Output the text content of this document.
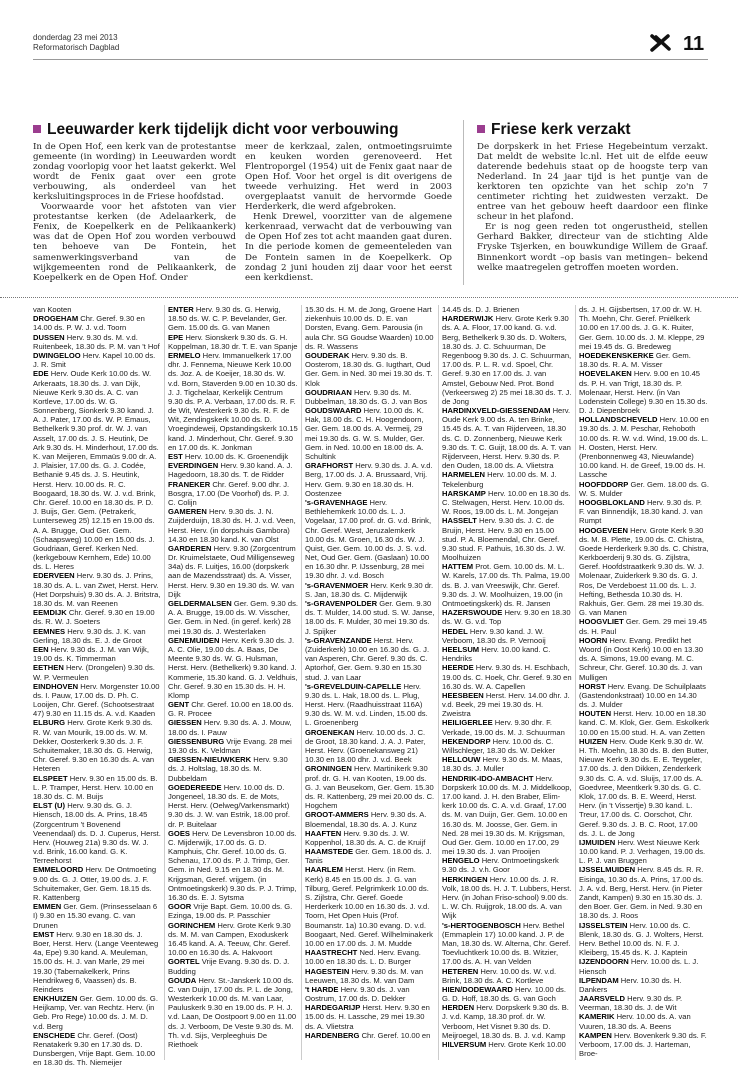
donderdag 23 mei 2013
Reformatorisch Dagblad	11
Leeuwarder kerk tijdelijk dicht voor verbouwing

In de Open Hof, een kerk van de protestantse gemeente (in wording) in Leeuwarden wordt zondag voorlopig voor het laatst gekerkt. Wel wordt de Fenix gaat over een grote verbouwing, als onderdeel van het kerksluitingsproces in de Friese hoofdstad.

Voorwaarde voor het afstoten van vier protestantse kerken (de Adelaarkerk, de Fenix, de Koepelkerk en de Pelikaankerk) was dat de Open Hof zou worden verbouwd ten behoeve van De Fontein, het samenwerkingsverband van de wijkgemeenten rond de Pelikaankerk, de Koepelkerk en de Open Hof. Onder

meer de kerkzaal, zalen, ontmoetingsruimte en keuken worden gerenoveerd. Het Flentroporgel (1954) uit de Fenix gaat naar de Open Hof. Voor het orgel is dit overigens de tweede verhuizing. Het werd in 2003 overgeplaatst vanuit de hervormde Goede Herderkerk, die werd afgebroken.

Henk Drewel, voorzitter van de algemene kerkenraad, verwacht dat de verbouwing van de Open Hof zes tot acht maanden gaat duren. In die periode komen de gemeenteleden van De Fontein samen in de Koepelkerk. Op zondag 2 juni houden zij daar voor het eerst een kerkdienst.

Friese kerk verzakt

De dorpskerk in het Friese Hegebeintum verzakt. Dat meldt de website lc.nl. Het uit de elfde eeuw daterende bedehuis staat op de hoogste terp van Nederland. In 24 jaar tijd is het puntje van de kerktoren ten opzichte van het schip zo'n 7 centimeter richting het zuidwesten verzakt. De entree van het gebouw heeft daardoor een flinke scheur in het plafond.

Er is nog geen reden tot ongerustheid, stellen Gerhard Bakker, directeur van de stichting Alde Fryske Tsjerken, en bouwkundige Willem de Graaf. Binnenkort wordt –op basis van metingen– bekend welke maatregelen getroffen moeten worden.

van Kooten

DROGEHAM Chr. Geref. 9.30 en 14.00 ds. P. W. J. v.d. Toorn

DUSSEN Herv. 9.30 ds. M. v.d. Ruitenbeek, 18.30 ds. P. M. van 't Hof

DWINGELOO Herv. Kapel 10.00 ds. J. R. Smit

EDE Herv. Oude Kerk 10.00 ds. W. Arkeraats, 18.30 ds. J. van Dijk, Nieuwe Kerk 9.30 ds. A. C. van Kortleve, 17.00 ds. W. G. Sonnenberg, Sionkerk 9.30 kand. J. A. J. Pater, 17.00 ds. W. P. Emaus, Bethelkerk 9.30 prof. dr. W. J. van Asselt, 17.00 ds. J. S. Heutink, De Ark 9.30 ds. H. Minderhout, 17.00 ds. K. van Meijeren, Emmaüs 9.00 dr. A. J. Plaisier, 17.00 ds. G. J. Codée, Bethanië 9.45 ds. J. S. Heutink, Herst. Herv. 10.00 ds. R. C. Boogaard, 18.30 ds. W. J. v.d. Brink, Chr. Geref. 10.00 en 18.30 ds. P. D. J. Buijs, Ger. Gem. (Petrakerk, Lunterseweg 25) 12.15 en 19.00 ds. A. A. Brugge, Oud Ger. Gem. (Schaapsweg) 10.00 en 15.00 ds. J. Goudriaan, Geref. Kerken Ned. (kerkgebouw Kernhem, Ede) 10.00 ds. L. Heres

EDERVEEN Herv. 9.30 ds. J. Prins, 18.30 ds. A. L. van Zwet, Herst. Herv. (Het Dorpshuis) 9.30 ds. A. J. Britstra, 18.30 ds. M. van Reenen

EEMDIJK Chr. Geref. 9.30 en 19.00 ds. R. W. J. Soeters

EEMNES Herv. 9.30 ds. J. K. van Gerling, 18.30 ds. E. J. de Groot

EEN Herv. 9.30 ds. J. M. van Wijk, 19.00 ds. K. Timmerman

EETHEN Herv. (Drongelen) 9.30 ds. W. P. Vermeulen

EINDHOVEN Herv. Morgenster 10.00 ds. I. Pauw, 17.00 ds. D. Ph. C. Looijen, Chr. Geref. (Schootsestraat 47) 9.30 en 11.15 ds. A. v.d. Kaaden

ELBURG Herv. Grote Kerk 9.30 ds. R. W. van Mourik, 19.00 ds. W. M. Dekker, Oosterkerk 9.30 ds. J. F. Schuitemaker, 18.30 ds. G. Herwig, Chr. Geref. 9.30 en 16.30 ds. A. van Heteren

ELSPEET Herv. 9.30 en 15.00 ds. B. L. P. Tramper, Herst. Herv. 10.00 en 18.30 ds. C. M. Buijs

ELST (U) Herv. 9.30 ds. G. J. Hiensch, 18.00 ds. A. Prins, 18.45 (Zorgcentrum 't Bovenend Veenendaal) ds. D. J. Cuperus, Herst. Herv. (Houweg 21a) 9.30 ds. W. J. v.d. Brink, 16.00 kand. G. K. Terreehorst

EMMELOORD Herv. De Ontmoeting 9.00 ds. G. J. Otter, 19.00 ds. J. F. Schuitemaker, Ger. Gem. 18.15 ds. R. Kattenberg

EMMEN Ger. Gem. (Prinsesselaan 6 I) 9.30 en 15.30 evang. C. van Drunen

EMST Herv. 9.30 en 18.30 ds. J. Boer, Herst. Herv. (Lange Veenteweg 4a, Epe) 9.30 kand. A. Meuleman, 15.00 ds. H. J. van Marle, 29 mei 19.30 (Tabernakelkerk, Prins Hendrikweg 6, Vaassen) ds. B. Reinders

ENKHUIZEN Ger. Gem. 10.00 ds. G. Heijkamp, Ver. van Rechtz. Herv. (in Geb. Pro Rege) 10.00 ds. J. M. D. v.d. Berg

ENSCHEDE Chr. Geref. (Oost) Renatakerk 9.30 en 17.30 ds. D. Dunsbergen, Vrije Bapt. Gem. 10.00 en 18.30 ds. Th. Niemeijer

ENTER Herv. 9.30 ds. G. Herwig, 18.50 ds. W. C. P. Bevelander, Ger. Gem. 15.00 ds. G. van Manen

EPE Herv. Sionskerk 9.30 ds. G. H. Koppelman, 18.30 dr. T. E. van Spanje

ERMELO Herv. Immanuelkerk 17.00 dhr. J. Fennema, Nieuwe Kerk 10.00 ds. Joz. A. de Koeijer, 18.30 ds. W. v.d. Born, Staverden 9.00 en 10.30 ds. J. J. Tigchelaar, Kerkelijk Centrum 9.30 ds. P. A. Verbaan, 17.00 ds. R. F. de Wit, Westerkerk 9.30 ds. R. F. de Wit, Zendingskerk 10.00 ds. D. Vroegindeweij, Opstandingskerk 10.15 kand. J. Minderhout, Chr. Geref. 9.30 en 17.00 ds. K. Jonkman

EST Herv. 10.00 ds. K. Groenendijk

EVERDINGEN Herv. 9.30 kand. A. J. Hagedoorn, 18.30 ds. T. de Ridder

FRANEKER Chr. Geref. 9.00 dhr. J. Bosgra, 17.00 (De Voorhof) ds. P. J. C. Colijn

GAMEREN Herv. 9.30 ds. J. N. Zuijderduijn, 18.30 ds. H. J. v.d. Veen, Herst. Herv. (in dorpshuis Gambora) 14.30 en 18.30 kand. K. van Olst

GARDEREN Herv. 9.30 (Zorgcentrum Dr. Kruimelstaete, Oud Milligenseweg 34a) ds. F. Luitjes, 16.00 (dorpskerk aan de Mazendsstraat) ds. A. Visser, Herst. Herv. 9.30 en 19.30 ds. W. van Dijk

GELDERMALSEN Ger. Gem. 9.30 ds. A. A. Brugge, 19.00 ds. W. Visscher, Ger. Gem. in Ned. (in geref. kerk) 28 mei 19.30 ds. J. Westerlaken

GENEMUIDEN Herv. Kerk 9.30 ds. J. A. C. Olie, 19.00 ds. A. Baas, De Meente 9.30 ds. W. G. Hulsman, Herst. Herv. (Bethelkerk) 9.30 kand. J. Kommerie, 15.30 kand. G. J. Veldhuis, Chr. Geref. 9.30 en 15.30 ds. H. H. Klomp

GENT Chr. Geref. 10.00 en 18.00 ds. G. R. Procee

GIESSEN Herv. 9.30 ds. A. J. Mouw, 18.00 ds. I. Pauw

GIESSENBURG Vrije Evang. 28 mei 19.30 ds. K. Veldman

GIESSEN-NIEUWKERK Herv. 9.30 ds. J. Holtslag, 18.30 ds. M. Dubbeldam

GOEDEREEDE Herv. 10.00 ds. D. Jongeneel, 18.30 ds. E. de Mots, Herst. Herv. (Oelweg/Varkensmarkt) 9.30 ds. J. W. van Estrik, 18.00 prof. dr. P. Buitelaar

GOES Herv. De Levensbron 10.00 ds. C. Mijderwijk, 17.00 ds. G. D. Kamphuis, Chr. Geref. 10.00 ds. G. Schenau, 17.00 ds. P. J. Trimp, Ger. Gem. in Ned. 9.15 en 18.30 ds. M. Krijgsman, Geref. vrijgem. (in Ontmoetingskerk) 9.30 ds. P. J. Trimp, 16.30 ds. E. J. Sytsma

GOOR Vrije Bapt. Gem. 10.00 ds. G. Ezinga, 19.00 ds. P. Passchier

GORINCHEM Herv. Grote Kerk 9.30 ds. M. M. van Campen, Exoduskerk 16.45 kand. A. A. Teeuw, Chr. Geref. 10.00 en 16.30 ds. A. Hakvoort

GORTEL Vrije Evang. 9.30 ds. D. J. Budding

GOUDA Herv. St.-Janskerk 10.00 ds. C. van Duijn, 17.00 ds. P. L. de Jong, Westerkerk 10.00 ds. M. van Laar, Pauluskerk 9.30 en 19.00 ds. P. H. J. v.d. Laan, De Oostpoort 9.00 en 11.00 ds. J. Verboom, De Veste 9.30 ds. M. Th. v.d. Sijs, Verpleeghuis De Riethoek

15.30 ds. H. M. de Jong, Groene Hart ziekenhuis 10.00 ds. D. E. van Dorsten, Evang. Gem. Parousia (in aula Chr. SG Goudse Waarden) 10.00 ds. R. Wassens

GOUDERAK Herv. 9.30 ds. B. Oosterom, 18.30 ds. G. Iugthart, Oud Ger. Gem. in Ned. 30 mei 19.30 ds. T. Klok

GOUDRIAAN Herv. 9.30 ds. M. Dubbelman, 18.30 ds. G. J. van Bos

GOUDSWAARD Herv. 10.00 ds. K. Hak, 18.00 ds. C. H. Hoogendoorn, Ger. Gem. 18.00 ds. A. Vermeij, 29 mei 19.30 ds. G. W. S. Mulder, Ger. Gem. in Ned. 10.00 en 18.00 ds. A. Schultink

GRAFHORST Herv. 9.30 ds. J. A. v.d. Berg, 17.00 ds. J. A. Brussaard, Vrij. Herv. Gem. 9.30 en 18.30 ds. H. Oostenzee

's-GRAVENHAGE Herv. Bethlehemkerk 10.00 ds. L. J. Vogelaar, 17.00 prof. dr. G. v.d. Brink, Chr. Geref. West, Jeruzalemkerk 10.00 ds. M. Groen, 16.30 ds. W. J. Quist, Ger. Gem. 10.00 ds. J. S. v.d. Net, Oud Ger. Gem. (Gaslaan) 10.00 en 16.30 dhr. P. IJssenburg, 28 mei 19.30 dhr. J. v.d. Bosch

's-GRAVENMOER Herv. Kerk 9.30 dr. S. Jan, 18.30 ds. C. Mijderwijk

's-GRAVENPOLDER Ger. Gem. 9.30 ds. T. Mulder, 14.00 stud. S. W. Janse, 18.00 ds. F. Mulder, 30 mei 19.30 ds. J. Spijker

's-GRAVENZANDE Herst. Herv. (Zuiderkerk) 10.00 en 16.30 ds. G. J. van Asperen, Chr. Geref. 9.30 ds. C. Aptorhof, Ger. Gem. 9.30 en 15.30 stud. J. van Laar

's-GREVELDUIN-CAPELLE Herv. 9.30 ds. L. Hak, 18.00 ds. L. Plug, Herst. Herv. (Raadhuisstraat 116A) 9.30 ds. W. M. v.d. Linden, 15.00 ds. L. Groenenberg

GROENEKAN Herv. 10.00 ds. J. C. de Groot, 18.30 kand. J. A. J. Pater, Herst. Herv. (Groenekansweg 21) 10.30 en 18.00 dhr. J. v.d. Beek

GRONINGEN Herv. Martinikerk 9.30 prof. dr. G. H. van Kooten, 19.00 ds. G. J. van Beusekom, Ger. Gem. 15.30 ds. R. Kattenberg, 29 mei 20.00 ds. C. Hogchem

GROOT-AMMERS Herv. 9.30 ds. A. Bloemendal, 18.30 ds. A. J. Kunz

HAAFTEN Herv. 9.30 ds. J. W. Koppenhol, 18.30 ds. A. C. de Kruijf

HAAMSTEDE Ger. Gem. 18.00 ds. J. Tanis

HAARLEM Herst. Herv. (in Rem. Kerk) 8.45 en 15.00 ds. J. G. van Tilburg, Geref. Pelgrimkerk 10.00 ds. S. Zijlstra, Chr. Geref. Goede Herderkerk 10.00 en 16.30 ds. J. v.d. Toorn, Het Open Huis (Prof. Boumanstr. 1a) 10.30 evang. D. v.d. Boogaart, Ned. Geref. Wilhelminakerk 10.00 en 17.00 ds. J. M. Mudde

HAASTRECHT Ned. Herv. Evang. 10.00 en 18.30 ds. L. D. Burger

HAGESTEIN Herv. 9.30 ds. M. van Leeuwen, 18.30 ds. M. van Dam

't HARDE Herv. 9.30 ds. J. van Oostrum, 17.00 ds. D. Dekker

HARDEGARIJP Herst. Herv. 9.30 en 15.00 ds. H. Lassche, 29 mei 19.30 ds. A. Vlietstra

HARDENBERG Chr. Geref. 10.00 en

14.45 ds. D. J. Brienen

HARDERWIJK Herv. Grote Kerk 9.30 ds. A. A. Floor, 17.00 kand. G. v.d. Berg, Bethelkerk 9.30 ds. D. Wolters, 18.30 ds. J. C. Schuurman, De Regenboog 9.30 ds. J. C. Schuurman, 17.00 ds. P. L. R. v.d. Spoel, Chr. Geref. 9.30 en 17.00 ds. J. van Amstel, Gebouw Ned. Prot. Bond (Verkeersweg 2) 25 mei 18.30 ds. T. J. de Jong

HARDINXVELD-GIESSENDAM Herv. Oude Kerk 9.00 ds. A. ten Brinke, 15.45 ds. A. T. van Rijderveen, 18.30 ds. C. D. Zonnenberg, Nieuwe Kerk 9.30 ds. T. C. Guijt, 18.00 ds. A. T. van Rijderveen, Herst. Herv. 9.30 ds. P. den Ouden, 18.00 ds. A. Vlietstra

HARMELEN Herv. 10.00 ds. M. J. Tekelenburg

HARSKAMP Herv. 10.00 en 18.30 ds. C. Stelwagen, Herst. Herv. 10.00 ds. W. Roos, 19.00 ds. L. M. Jongejan

HASSELT Herv. 9.30 ds. J. C. de Bruijn, Herst. Herv. 9.30 en 15.00 stud. P. A. Bloemendal, Chr. Geref. 9.30 stud. F. Pathuis, 16.30 ds. J. W. Moolhuizen

HATTEM Prot. Gem. 10.00 ds. M. L. W. Karels, 17.00 ds. Th. Palma, 19.00 ds. B. J. van Vreeswijk, Chr. Geref. 9.30 ds. J. W. Moolhuizen, 19.00 (in Ontmoetingskerk) ds. R. Jansen

HAZERSWOUDE Herv. 9.30 en 18.30 ds. W. G. v.d. Top

HEDEL Herv. 9.30 kand. J. W. Verboom, 18.30 ds. P. Vernooij

HEELSUM Herv. 10.00 kand. C. Hendriks

HEERDE Herv. 9.30 ds. H. Eschbach, 19.00 ds. C. Hoek, Chr. Geref. 9.30 en 16.30 ds. W. A. Capellen

HEESBEEN Herst. Herv. 14.00 dhr. J. v.d. Beek, 29 mei 19.30 ds. H. Zweistra

HEILIGERLEE Herv. 9.30 dhr. F. Verkade, 19.00 ds. M. J. Schuurman

HEKENDORP Herv. 10.00 ds. C. Willschleger, 18.30 ds. W. Dekker

HELLOUW Herv. 9.30 ds. M. Maas, 18.30 ds. J. Muller

HENDRIK-IDO-AMBACHT Herv. Dorpskerk 10.00 ds. M. J. Middelkoop, 17.00 kand. J. H. den Braber, Elim-kerk 10.00 ds. C. A. v.d. Graaf, 17.00 ds. M. van Duijn, Ger. Gem. 10.00 en 16.30 ds. M. Joosse, Ger. Gem. in Ned. 28 mei 19.30 ds. M. Krijgsman, Oud Ger. Gem. 10.00 en 17.00, 29 mei 19.30 ds. J. van Prooijen

HENGELO Herv. Ontmoetingskerk 9.30 ds. J. v.h. Goor

HERKINGEN Herv. 10.00 ds. J. R. Volk, 18.00 ds. H. J. T. Lubbers, Herst. Herv. (in Johan Friso-school) 9.00 ds. L. W. Ch. Ruijgrok, 18.00 ds. A. van Wijk

's-HERTOGENBOSCH Herv. Bethel (Emmaplein 17) 10.00 kand. J. P. de Man, 18.30 ds. W. Alterna, Chr. Geref. Toevluchtkerk 10.00 ds. B. Witzier, 17.00 ds. A. H. van Velden

HETEREN Herv. 10.00 ds. W. v.d. Brink, 18.30 ds. A. C. Kortleve

HIEN/DODEWAARD Herv. 10.00 ds. G. D. Hoff, 18.30 ds. G. van Goch

HERDEN Herv. Dorpskerk 9.30 ds. B. J. v.d. Kamp, 18.30 prof. dr. W. Verboom, Het Visnet 9.30 ds. D. Meijroegel, 18.30 ds. B. J. v.d. Kamp

HILVERSUM Herv. Grote Kerk 10.00

ds. J. H. Gijsbertsen, 17.00 dr. W. H. Th. Moehn, Chr. Geref. Pniëlkerk 10.00 en 17.00 ds. J. G. K. Ruiter, Ger. Gem. 10.00 ds. J. M. Kleppe, 29 mei 19.45 ds. G. Bredeweg

HOEDEKENSKERKE Ger. Gem. 18.30 ds. R. A. M. Visser

HOEVELAKEN Herv. 9.00 en 10.45 ds. P. H. van Trigt, 18.30 ds. P. Molenaar, Herst. Herv. (in Van Lodenstein College) 9.30 en 15.30 ds. D. J. Diepenbroek

HOLLANDSCHEVELD Herv. 10.00 en 19.30 ds. J. M. Peschar, Rehoboth 10.00 ds. R. W. v.d. Wind, 19.00 ds. L. H. Oosten, Herst. Herv. (Prenbonnenweg 43, Nieuwlande) 10.00 kand. H. de Greef, 19.00 ds. H. Lassche

HOOFDDORP Ger. Gem. 18.00 ds. G. W. S. Mulder

HOOGBLOKLAND Herv. 9.30 ds. P. F. van Binnendijk, 18.30 kand. J. van Rumpt

HOOGEVEEN Herv. Grote Kerk 9.30 ds. M. B. Plette, 19.00 ds. C. Chistra, Goede Herderkerk 9.30 ds. C. Chistra, Kerkboerderij 9.30 ds. G. Zijlstra, Geref. Hoofdstraatkerk 9.30 ds. W. J. Molenaar, Zuiderkerk 9.30 ds. G. J. Ros, De Verdeboest 11.00 ds. L. J. Hefting, Bethesda 10.30 ds. H. Rakhuis, Ger. Gem. 28 mei 19.30 ds. G. van Manen

HOOGVLIET Ger. Gem. 29 mei 19.45 ds. H. Paul

HOORN Herv. Evang. Predikt het Woord (in Oost Kerk) 10.00 en 13.30 ds. A. Simons, 19.00 evang. M. C. Schreur, Chr. Geref. 10.30 ds. J. van Mulligen

HORST Herv. Evang. De Schuilplaats (Gastendonkstraat) 10.00 en 14.30 ds. J. Mulder

HOUTEN Herst. Herv. 10.00 en 18.30 kand. C. M. Klok, Ger. Gem. Eskolkerk 10.00 en 15.00 stud. H. A. van Zetten

HUIZEN Herv. Oude Kerk 9.30 dr. W. H. Th. Moehn, 18.30 ds. B. den Butter, Nieuwe Kerk 9.30 ds. E. E. Teygeler, 17.00 ds. J. den Dikken, Zenderkerk 9.30 ds. C. A. v.d. Sluijs, 17.00 ds. A. Goedvree, Meentkerk 9.30 ds. G. C. Klok, 17.00 ds. B. E. Weerd, Herst. Herv. (in 't Vissertje) 9.30 kand. L. Treur, 17.00 ds. C. Oorschot, Chr. Geref. 9.30 ds. J. B. C. Root, 17.00 ds. J. L. de Jong

IJMUIDEN Herv. West Nieuwe Kerk 10.00 kand. P. J. Verhagen, 19.00 ds. L. P. J. van Bruggen

IJSSELMUIDEN Herv. 8.45 ds. R. R. Eisinga, 10.30 ds. A. Prins, 17.00 ds. J. A. v.d. Berg, Herst. Herv. (in Pieter Zandt, Kampen) 9.30 en 15.30 ds. J. den Boer. Ger. Gem. in Ned. 9.30 en 18.30 ds. J. Roos

IJSSELSTEIN Herv. 10.00 ds. C. Blenk, 18.30 ds. G. J. Wolters, Herst. Herv. Bethel 10.00 ds. N. F. J. Kleiberg, 15.45 ds. K. J. Kaptein

IJZENDOORN Herv. 10.00 ds. L. J. Hiensch

ILPENDAM Herv. 10.30 ds. H. Dankers

JAARSVELD Herv. 9.30 ds. P. Veerman, 18.30 ds. J. de Wit

KAMERIK Herv. 10.00 ds. A. van Vuuren, 18.30 ds. A. Beens

KAMPEN Herv. Bovenkerk 9.30 ds. F. Verboom, 17.00 ds. J. Harteman, Broe-
